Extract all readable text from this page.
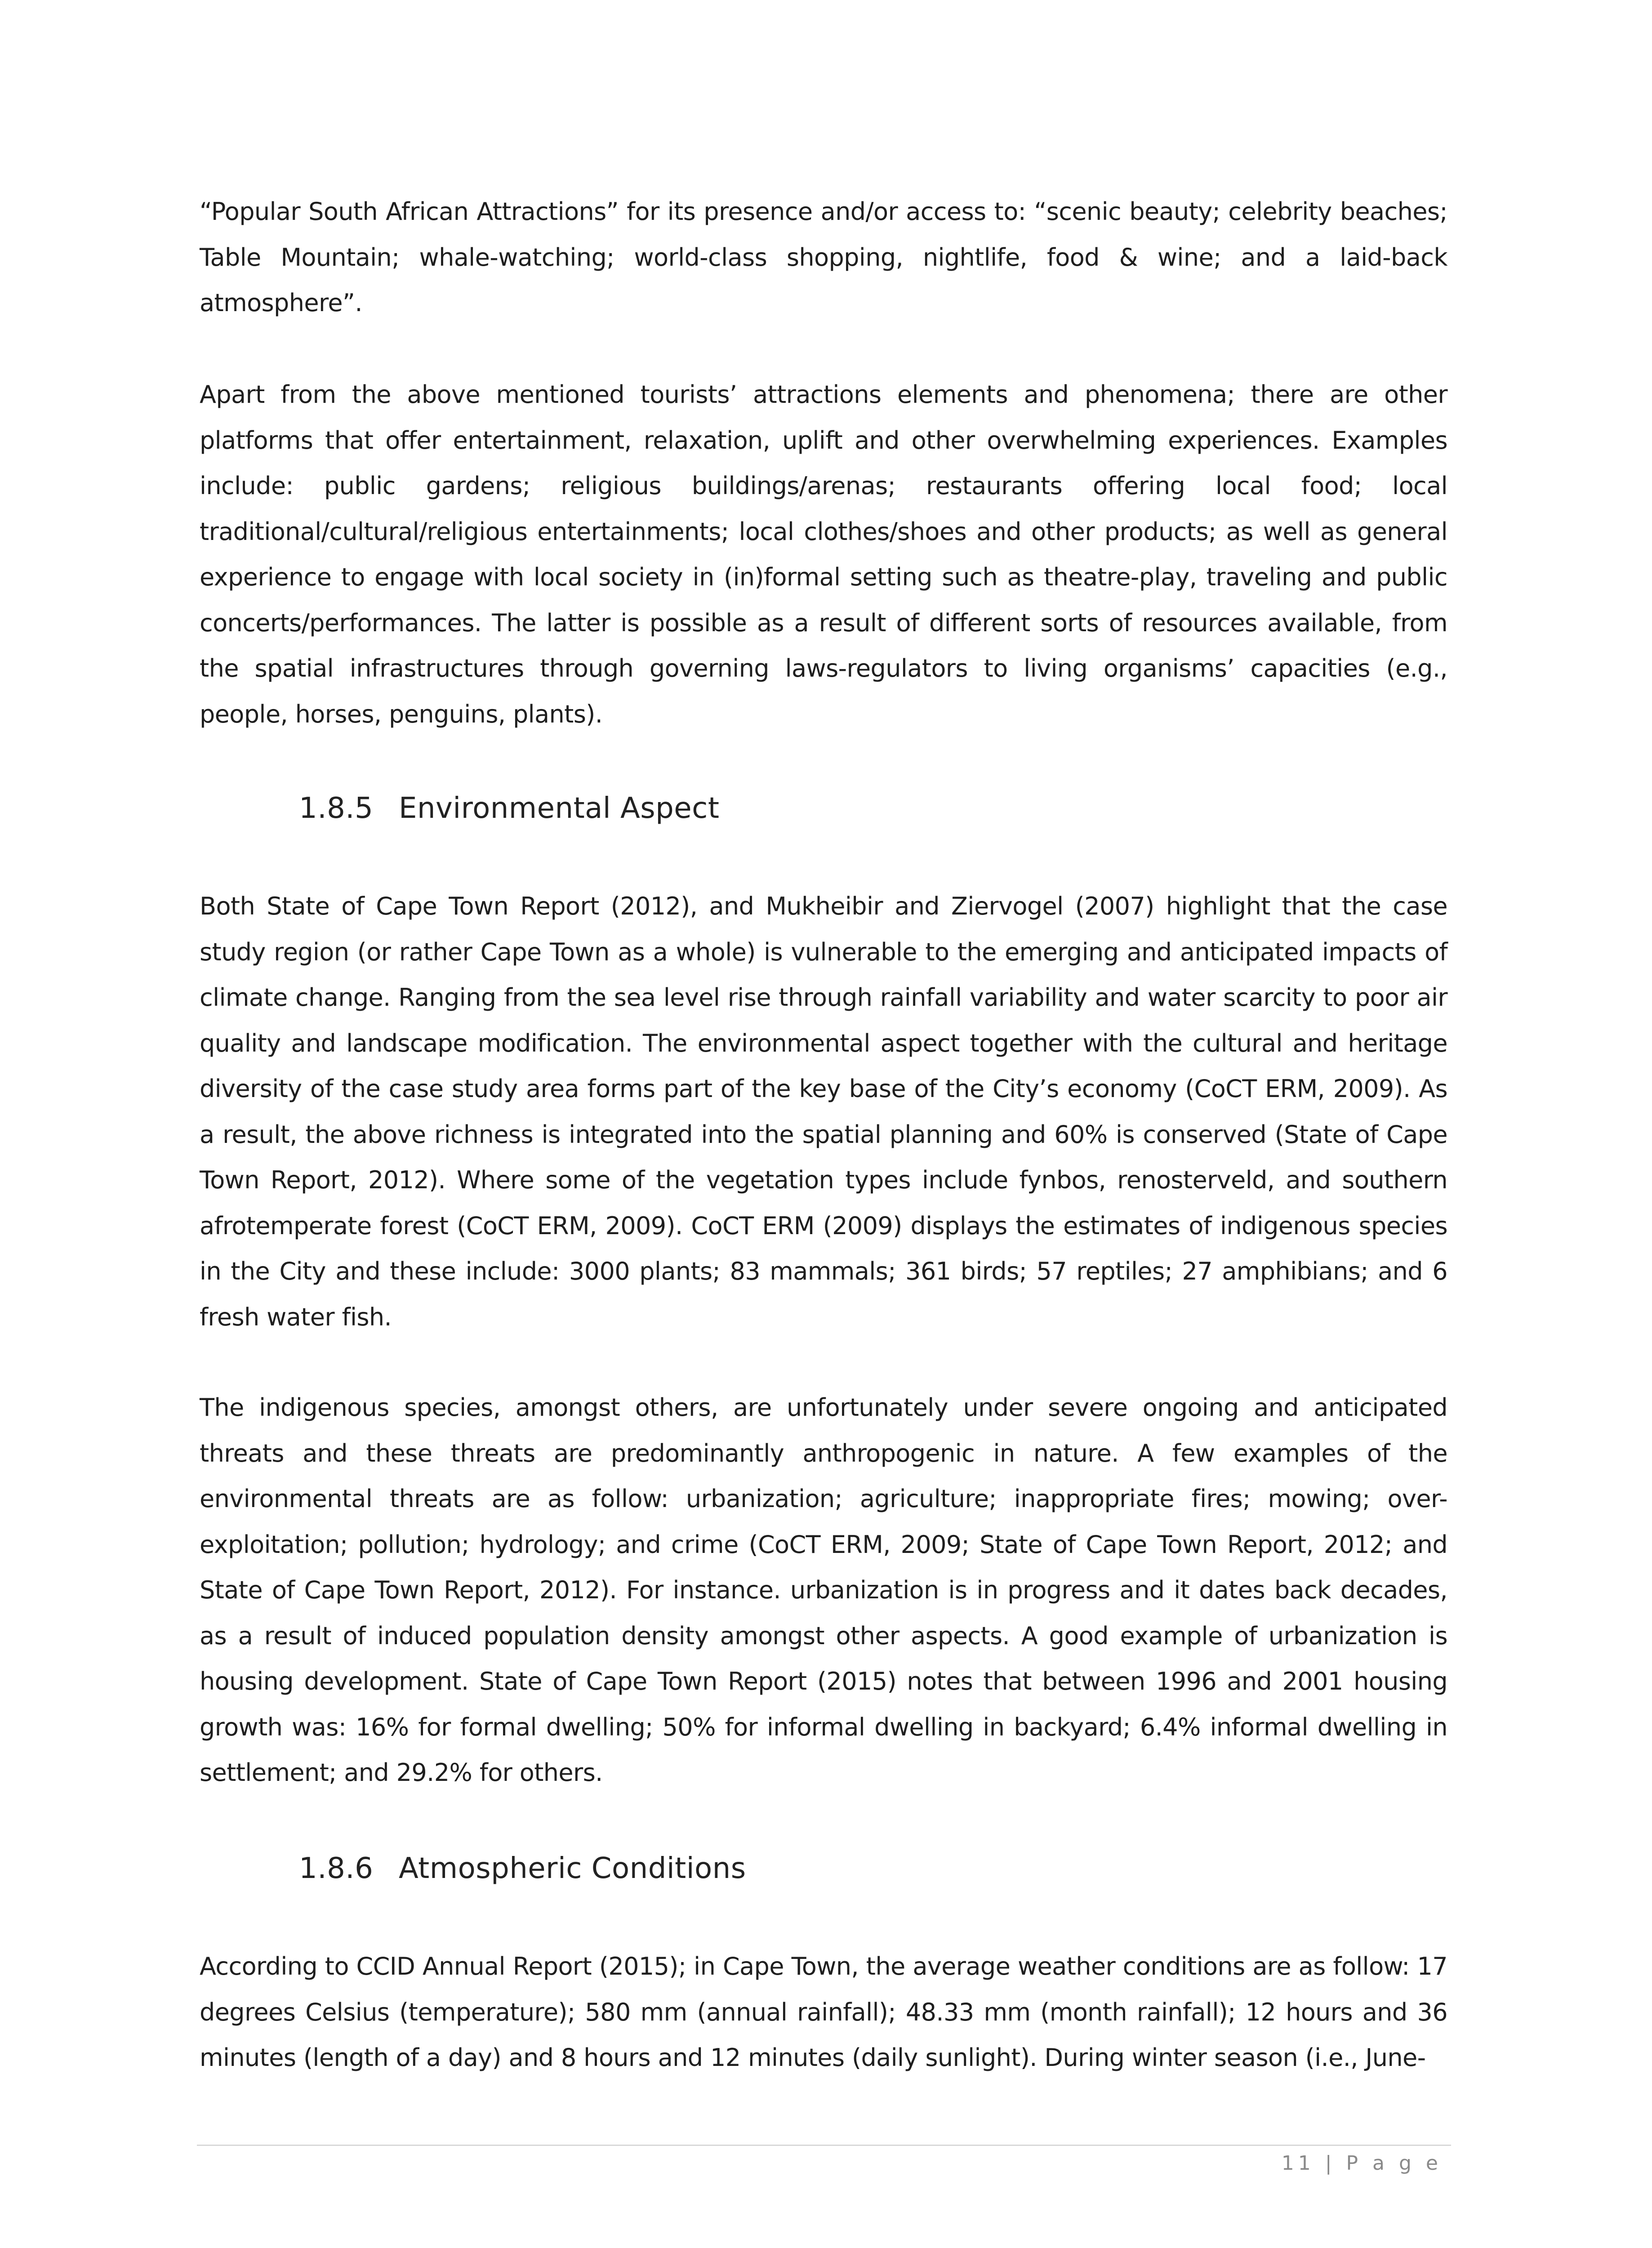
“Popular South African Attractions” for its presence and/or access to: “scenic beauty; celebrity beaches; Table Mountain; whale-watching; world-class shopping, nightlife, food & wine; and a laid-back atmosphere”.

Apart from the above mentioned tourists’ attractions elements and phenomena; there are other platforms that offer entertainment, relaxation, uplift and other overwhelming experiences. Examples include: public gardens; religious buildings/arenas; restaurants offering local food; local traditional/cultural/religious entertainments; local clothes/shoes and other products; as well as general experience to engage with local society in (in)formal setting such as theatre-play, traveling and public concerts/performances. The latter is possible as a result of different sorts of resources available, from the spatial infrastructures through governing laws-regulators to living organisms’ capacities (e.g., people, horses, penguins, plants).

1.8.5 Environmental Aspect

Both State of Cape Town Report (2012), and Mukheibir and Ziervogel (2007) highlight that the case study region (or rather Cape Town as a whole) is vulnerable to the emerging and anticipated impacts of climate change. Ranging from the sea level rise through rainfall variability and water scarcity to poor air quality and landscape modification. The environmental aspect together with the cultural and heritage diversity of the case study area forms part of the key base of the City’s economy (CoCT ERM, 2009). As a result, the above richness is integrated into the spatial planning and 60% is conserved (State of Cape Town Report, 2012). Where some of the vegetation types include fynbos, renosterveld, and southern afrotemperate forest (CoCT ERM, 2009). CoCT ERM (2009) displays the estimates of indigenous species in the City and these include: 3000 plants; 83 mammals; 361 birds; 57 reptiles; 27 amphibians; and 6 fresh water fish.

The indigenous species, amongst others, are unfortunately under severe ongoing and anticipated threats and these threats are predominantly anthropogenic in nature. A few examples of the environmental threats are as follow: urbanization; agriculture; inappropriate fires; mowing; over-exploitation; pollution; hydrology; and crime (CoCT ERM, 2009; State of Cape Town Report, 2012; and State of Cape Town Report, 2012). For instance. urbanization is in progress and it dates back decades, as a result of induced population density amongst other aspects. A good example of urbanization is housing development. State of Cape Town Report (2015) notes that between 1996 and 2001 housing growth was: 16% for formal dwelling; 50% for informal dwelling in backyard; 6.4% informal dwelling in settlement; and 29.2% for others.

1.8.6 Atmospheric Conditions

According to CCID Annual Report (2015); in Cape Town, the average weather conditions are as follow: 17 degrees Celsius (temperature); 580 mm (annual rainfall); 48.33 mm (month rainfall); 12 hours and 36 minutes (length of a day) and 8 hours and 12 minutes (daily sunlight). During winter season (i.e., June-

11 | P a g e
